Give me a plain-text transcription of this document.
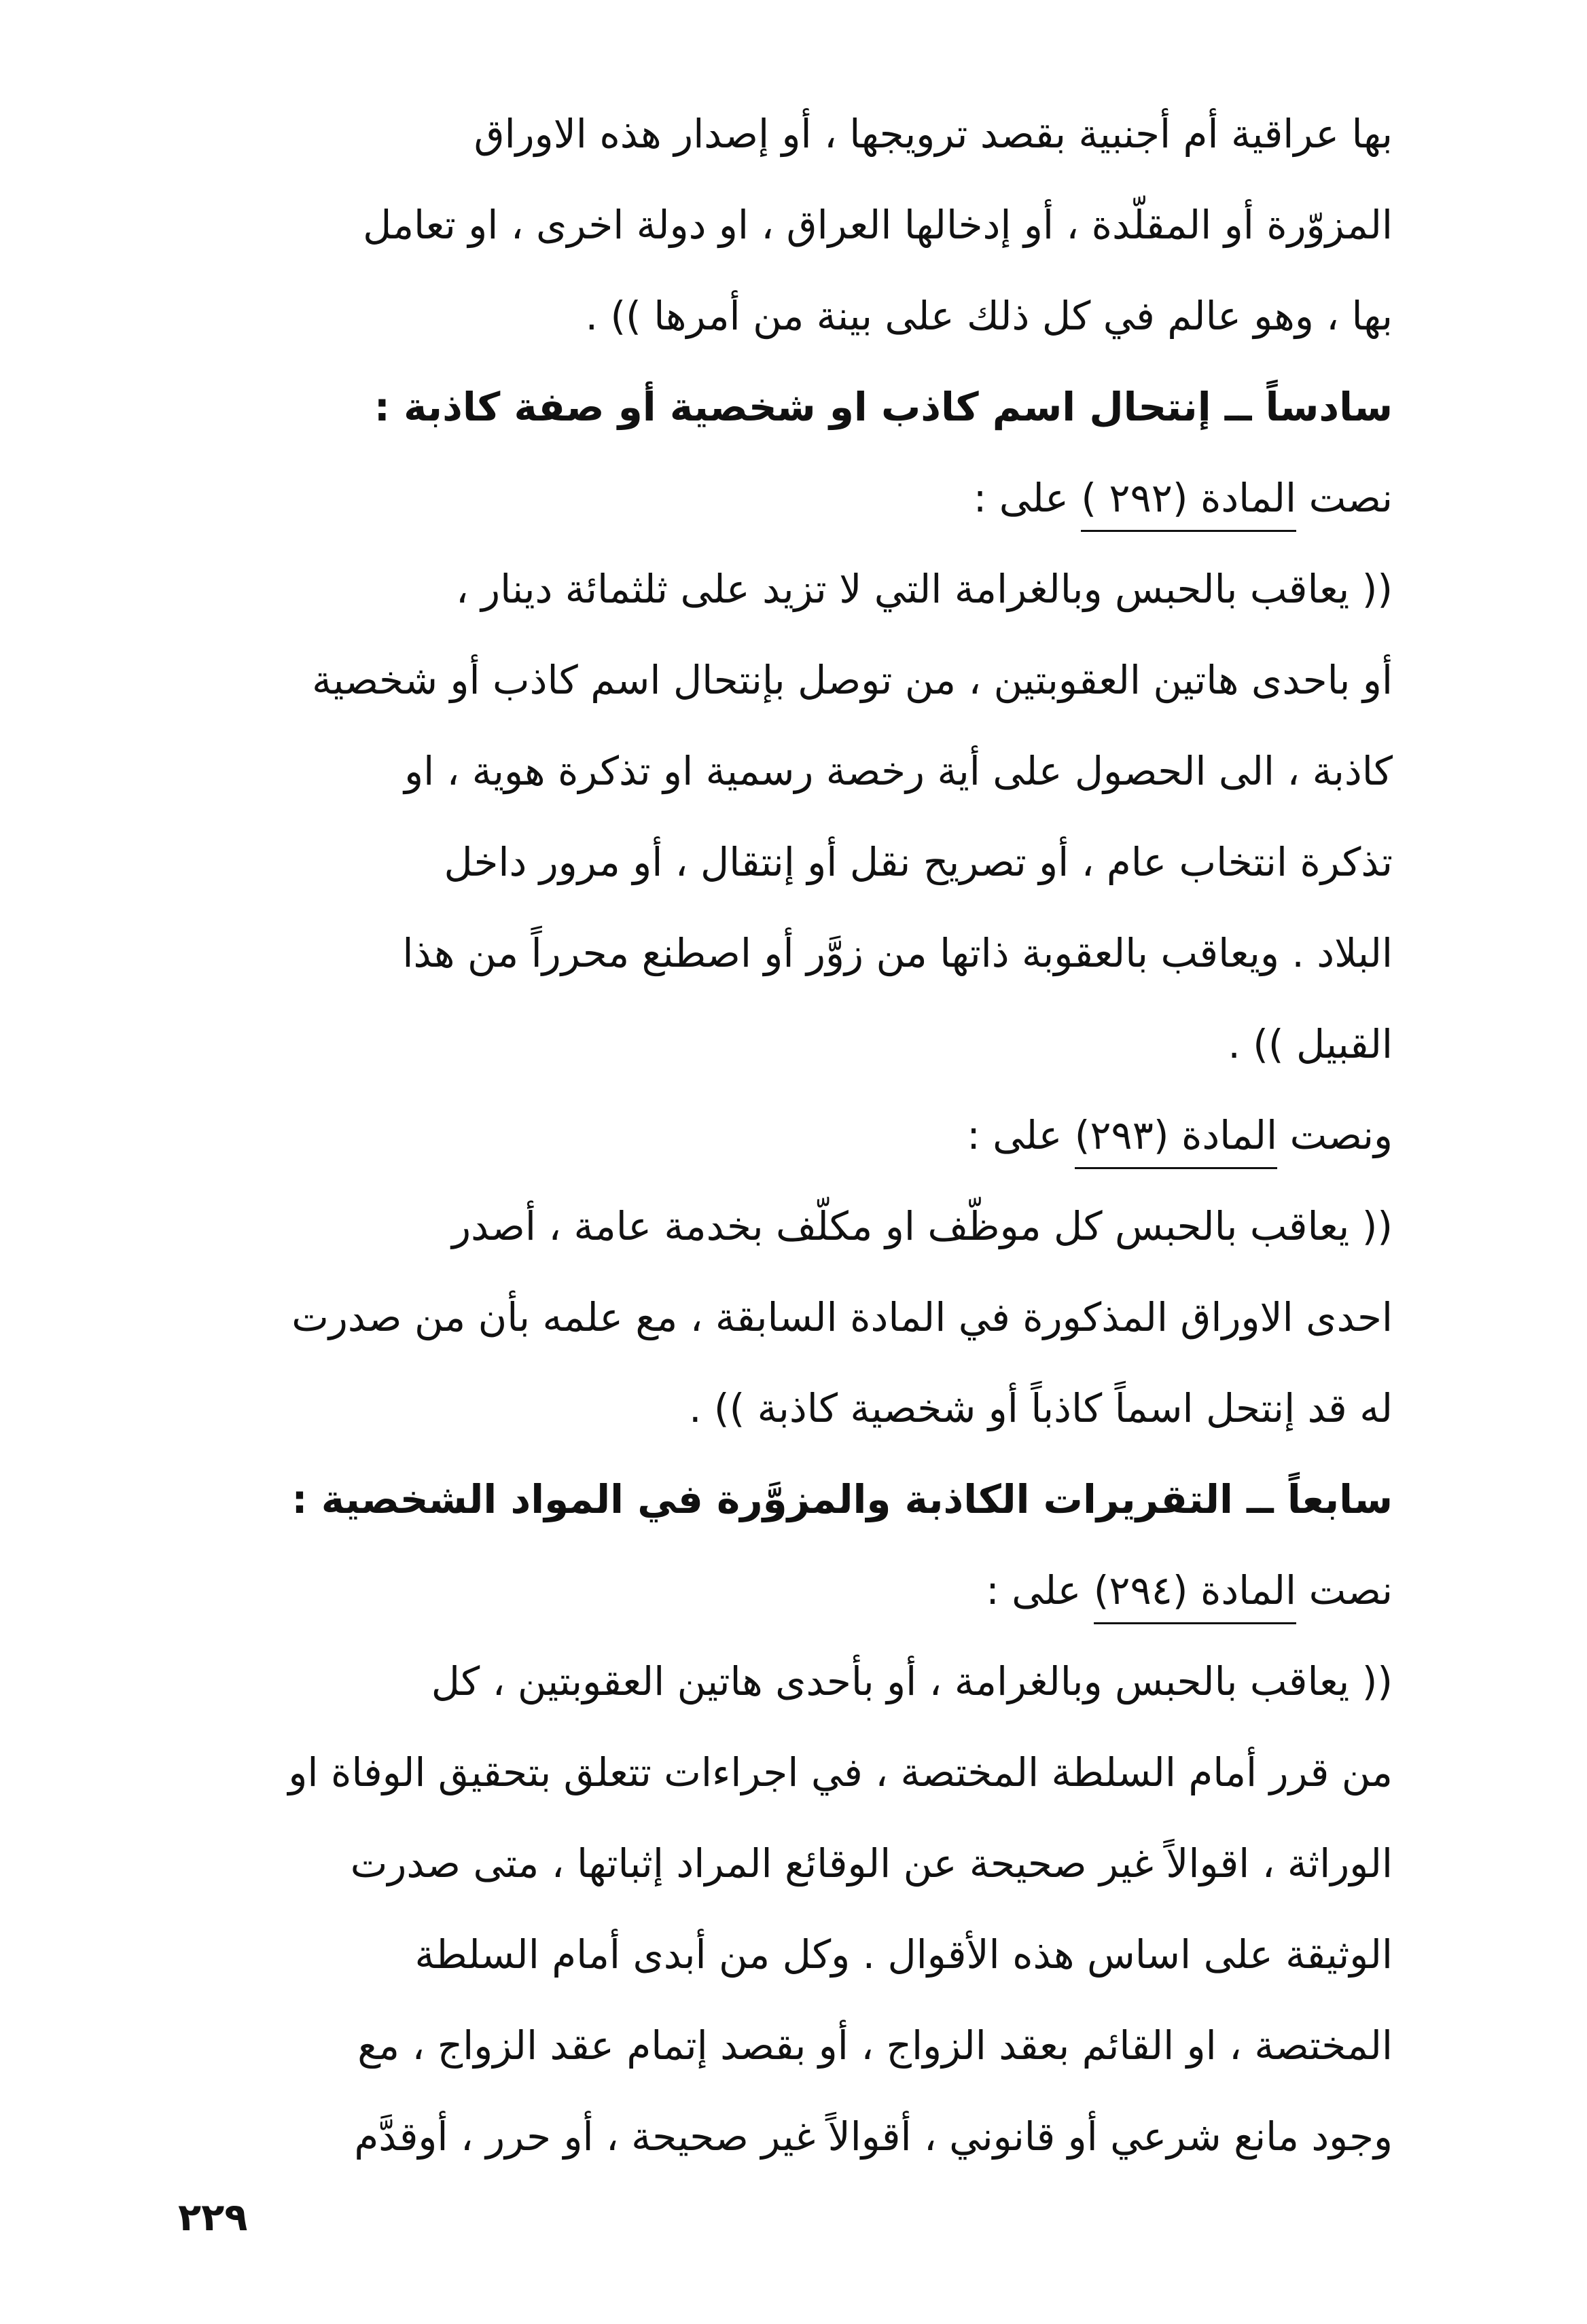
بها عراقية أم أجنبية بقصد ترويجها ، أو إصدار هذه الاوراق
المزوّرة أو المقلّدة ، أو إدخالها العراق ، او دولة اخرى ، او تعامل
بها ، وهو عالم في كل ذلك على بينة من أمرها )) .
سادساً ــ إنتحال اسم كاذب او شخصية أو صفة كاذبة :
نصت المادة (٢٩٢ ) على :
(( يعاقب بالحبس وبالغرامة التي لا تزيد على ثلثمائة دينار ،
أو باحدى هاتين العقوبتين ، من توصل بإنتحال اسم كاذب أو شخصية
كاذبة ، الى الحصول على أية رخصة رسمية او تذكرة هوية ، او
تذكرة انتخاب عام ، أو تصريح نقل أو إنتقال ، أو مرور داخل
البلاد . ويعاقب بالعقوبة ذاتها من زوَّر أو اصطنع محرراً من هذا
القبيل )) .
ونصت المادة (٢٩٣) على :
(( يعاقب بالحبس كل موظّف او مكلّف بخدمة عامة ، أصدر
احدى الاوراق المذكورة في المادة السابقة ، مع علمه بأن من صدرت
له قد إنتحل اسماً كاذباً أو شخصية كاذبة )) .
سابعاً ــ التقريرات الكاذبة والمزوَّرة في المواد الشخصية :
نصت المادة (٢٩٤) على :
(( يعاقب بالحبس وبالغرامة ، أو بأحدى هاتين العقوبتين ، كل
من قرر أمام السلطة المختصة ، في اجراءات تتعلق بتحقيق الوفاة او
الوراثة ، اقوالاً غير صحيحة عن الوقائع المراد إثباتها ، متى صدرت
الوثيقة على اساس هذه الأقوال . وكل من أبدى أمام السلطة
المختصة ، او القائم بعقد الزواج ، أو بقصد إتمام عقد الزواج ، مع
وجود مانع شرعي أو قانوني ، أقوالاً غير صحيحة ، أو حرر ، أوقدَّم
٢٢٩
